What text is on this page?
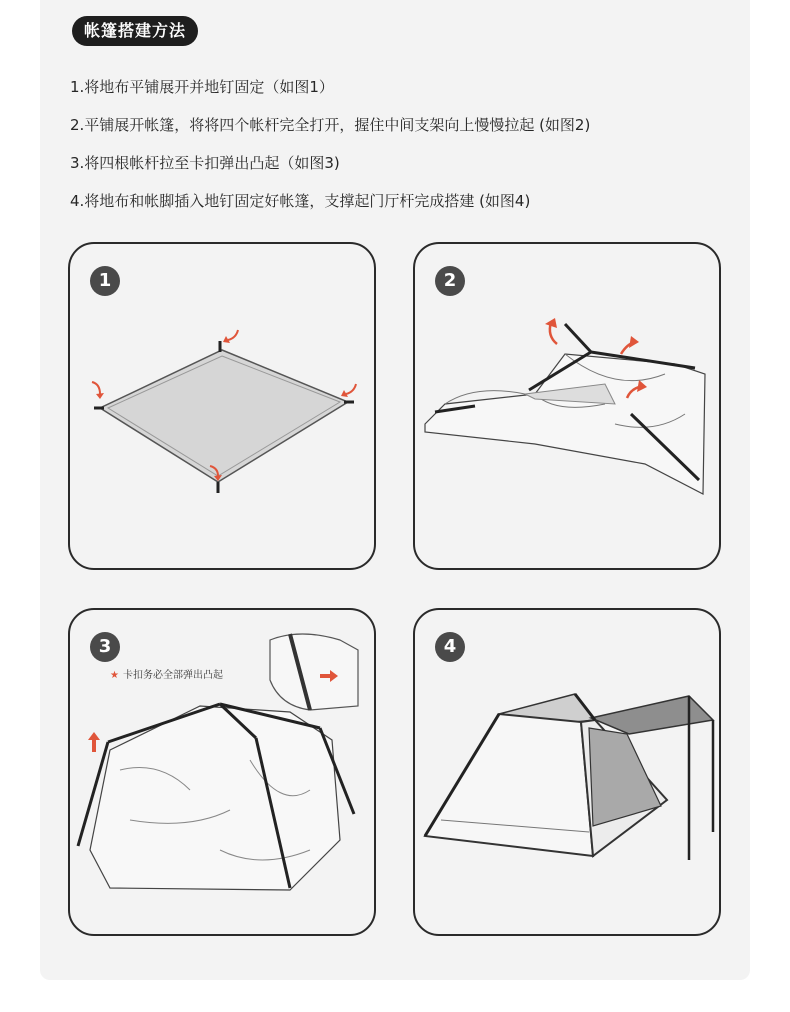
帐篷搭建方法
1.将地布平铺展开并地钉固定（如图1）
2.平铺展开帐篷，将将四个帐杆完全打开，握住中间支架向上慢慢拉起 (如图2)
3.将四根帐杆拉至卡扣弹出凸起（如图3)
4.将地布和帐脚插入地钉固定好帐篷，支撑起门厅杆完成搭建 (如图4)
1	2
3
★ 卡扣务必全部弹出凸起
4
